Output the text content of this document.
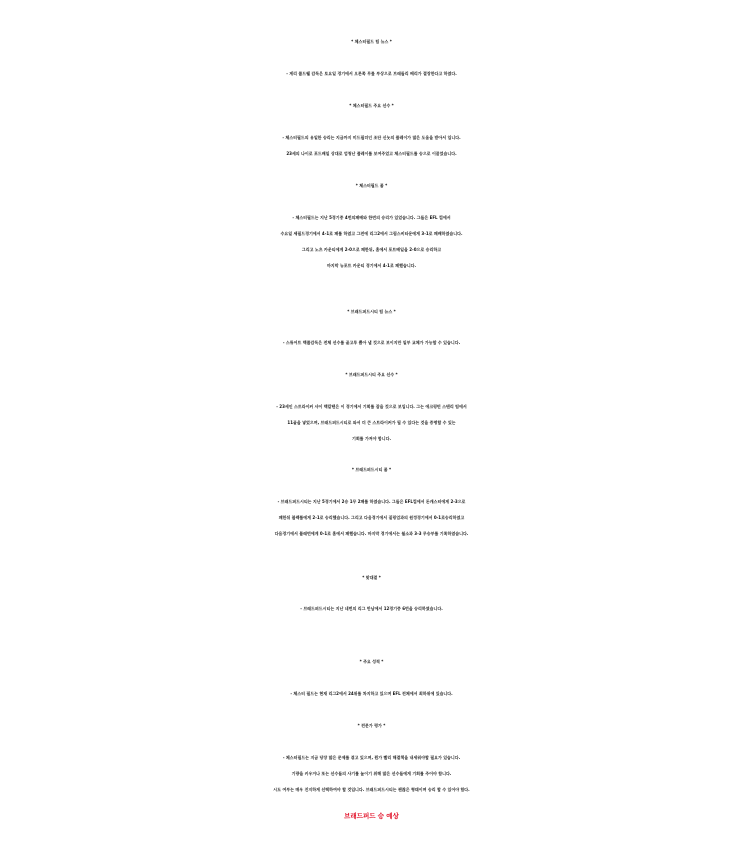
* 체스터필드 팀 뉴스 *
- 게리 콜드웰 감독은 토요일 경기에서 오른쪽 무릎 부상으로 브래들리 배리가 결장한다고 하였다.
* 체스터필드 주요 선수 *
- 체스터필드의 유일한 승리는 지금까지 미드필더인 조단 신놋의 플레이가 많은 도움을 받아서 입니다.
23세의 나이로 포드배일 상대로 엄청난 플레이를 보여주었고 체스터필드를 승으로 이끌었습니다.
* 체스터필드 폼 *
- 체스터필드는 지난 5경기중 4번의패배와 한번의 승리가 있었습니다. 그들은 EFL 컵에서
수요일 셰필드경기에서 4-1로 패를 하였고 그전에 리그2에서 그림스비타운에게 3-1로 패배하였습니다.
그리고 노츠 카운티에게 2-0으로 패한뒤, 홈에서 포트배일을 2-0으로 승리하고
마지막 뉴포트 카운티 경기에서 4-1로 패했습니다.
* 브래드퍼드시티 팀 뉴스 *
- 스튜어트 맥콜감독은 전체 선수를 골고루 뽑아 낼 것으로 보이지만 일부 교체가 가능할 수 있습니다.
* 브래드퍼드시티 주요 선수 *
- 23세인 스트라이커 샤이 맥칼탠은 이 경기에서 기회를 잡을 것으로 보입니다. 그는 에크링턴 스탠리 팀에서
11골을 넣었으며, 브래드퍼드시티로 와서 더 큰 스트라이커가 될 수 있다는 것을 증명할 수 있는
기회를 가져야 합니다.
* 브래드퍼드시티 폼 *
- 브래드퍼드시티는 지난 5경기에서 2승 1무 2패를 하였습니다. 그들은 EFL컵에서 돈캐스터에게 2-3으로
패한뒤 블랙풀에게 2-1로 승리했습니다. 그리고 다음경기에서 질링엄과의 원정경기에서 0-1로승리하였고
다음경기에서 블래번에게 0-1로 홈에서 패했습니다. 마지막 경기에서는 월소과 3-3 무승부를 기록하였습니다.
* 맞대결 *
- 브래드퍼드시티는 지난 네번의 리그 만남에서 12경기중 6번을 승리하였습니다.
* 주요 성적 *
- 체스터 필드는 현재 리그2에서 24위를 차지하고 있으며 EFL 전체에서 최하위에 있습니다.
* 전문가 평가 *
- 체스터필드는 지금 당장 많은 문제를 겪고 있으며, 뭔가 빨리 해결책을 내세워야할 필요가 있습니다.
기량을 키우거나 또는 선수들의 사기를 높이기 위해 많은 선수들에게 기회를 주어야 합니다.
시도 여부는 매우 진지하게 선택하여야 할 것입니다. 브래드퍼드시티는 괜찮은 형태이며 승리 할 수 있어야 합다.
브래드퍼드 승 예상
